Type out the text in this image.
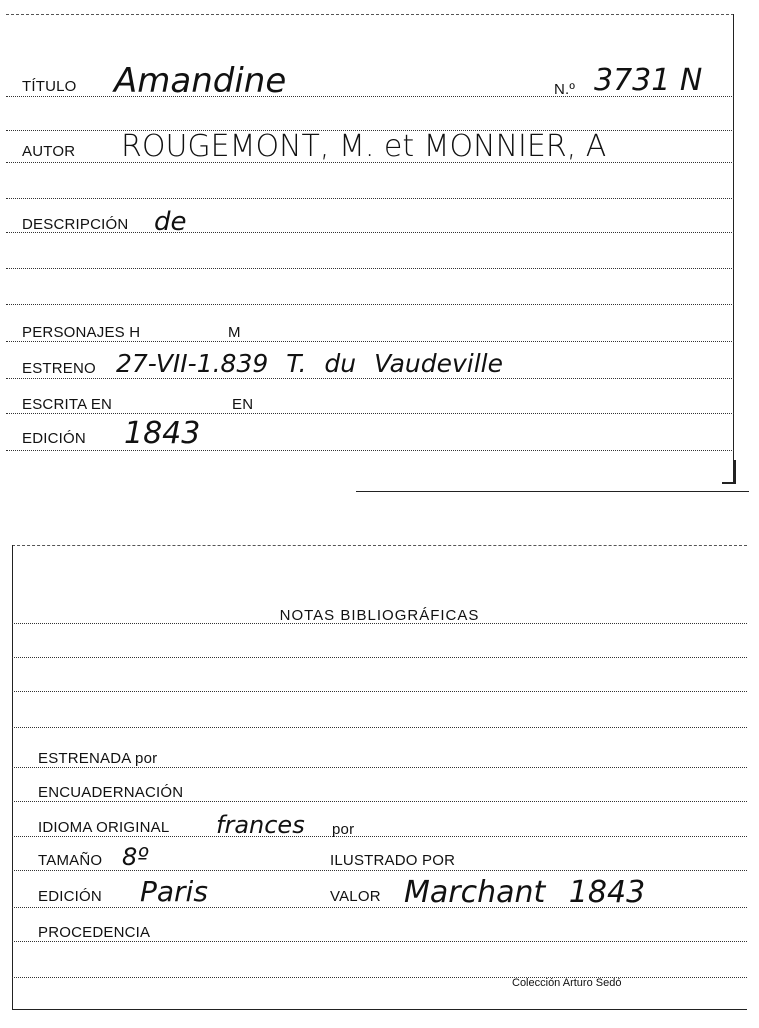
TÍTULO Amandine	N.º 3731 N
AUTOR ROUGEMONT, M. et MONNIER, A
DESCRIPCIÓN de
PERSONAJES H	M
ESTRENO 27-VII-1.839 T. du Vaudeville
ESCRITA EN	EN
EDICIÓN 1843
NOTAS BIBLIOGRÁFICAS
ESTRENADA por
ENCUADERNACIÓN
IDIOMA ORIGINAL frances por
TAMAÑO 8º	ILUSTRADO POR
EDICIÓN Paris	VALOR Marchant 1843
PROCEDENCIA
Colección Arturo Sedó
